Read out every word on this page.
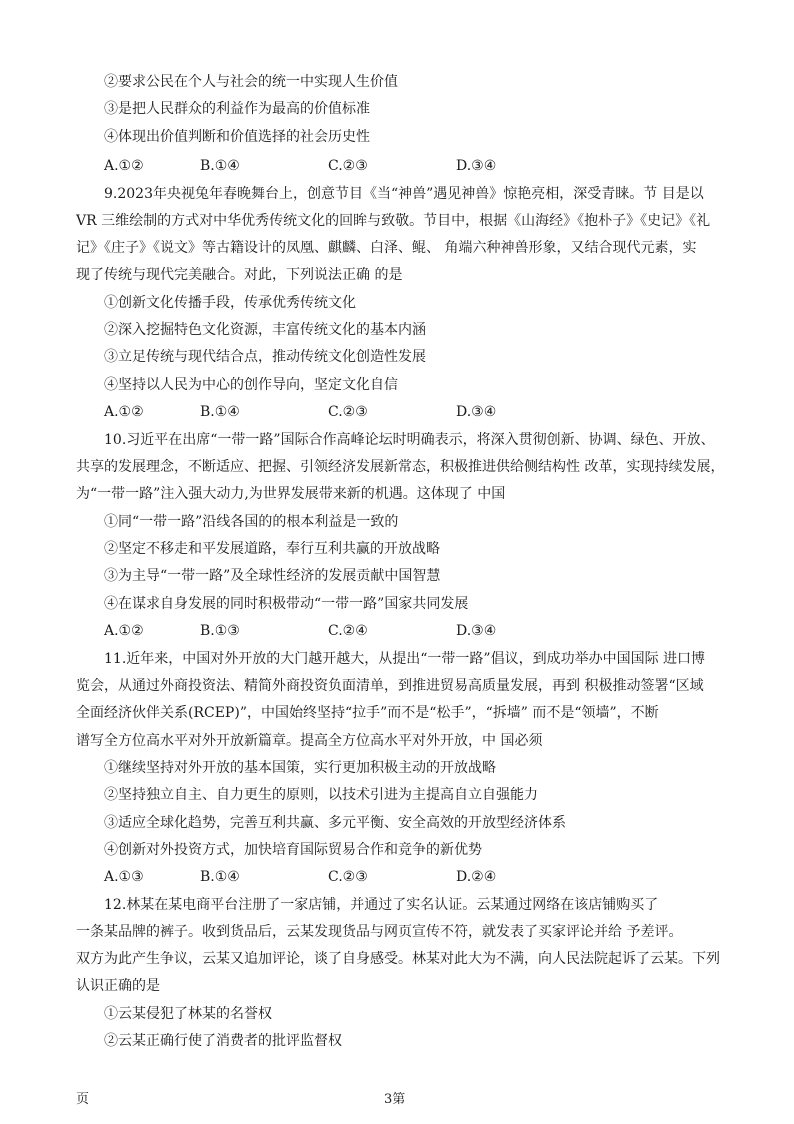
②要求公民在个人与社会的统一中实现人生价值
③是把人民群众的利益作为最高的价值标准
④体现出价值判断和价值选择的社会历史性
A.①②	B.①④	C.②③	D.③④
9.2023年央视兔年春晚舞台上，创意节目《当“神兽”遇见神兽》惊艳亮相，深受青睐。节 目是以
VR 三维绘制的方式对中华优秀传统文化的回眸与致敬。节目中，根据《山海经》《抱朴子》《史记》《礼
记》《庄子》《说文》等古籍设计的凤凰、麒麟、白泽、鲲、 角端六种神兽形象，又结合现代元素，实
现了传统与现代完美融合。对此，下列说法正确 的是
①创新文化传播手段，传承优秀传统文化
②深入挖掘特色文化资源，丰富传统文化的基本内涵
③立足传统与现代结合点，推动传统文化创造性发展
④坚持以人民为中心的创作导向，坚定文化自信
A.①②	B.①④	C.②③	D.③④
10.习近平在出席“一带一路”国际合作高峰论坛时明确表示，将深入贯彻创新、协调、绿色、开放、
共享的发展理念，不断适应、把握、引领经济发展新常态，积极推进供给侧结构性 改革，实现持续发展，
为“一带一路”注入强大动力,为世界发展带来新的机遇。这体现了 中国
①同“一带一路”沿线各国的的根本利益是一致的
②坚定不移走和平发展道路，奉行互利共赢的开放战略
③为主导“一带一路”及全球性经济的发展贡献中国智慧
④在谋求自身发展的同时积极带动“一带一路”国家共同发展
A.①②	B.①③	C.②④	D.③④
11.近年来，中国对外开放的大门越开越大，从提出“一带一路”倡议，到成功举办中国国际 进口博
览会，从通过外商投资法、精简外商投资负面清单，到推进贸易高质量发展，再到 积极推动签署“区域
全面经济伙伴关系(RCEP)”，中国始终坚持“拉手”而不是“松手”，“拆墙” 而不是“领墙”，不断
谱写全方位高水平对外开放新篇章。提高全方位高水平对外开放，中 国必须
①继续坚持对外开放的基本国策，实行更加积极主动的开放战略
②坚持独立自主、自力更生的原则，以技术引进为主提高自立自强能力
③适应全球化趋势，完善互利共赢、多元平衡、安全高效的开放型经济体系
④创新对外投资方式，加快培育国际贸易合作和竞争的新优势
A.①③	B.①④	C.②③	D.②④
12.林某在某电商平台注册了一家店铺，并通过了实名认证。云某通过网络在该店铺购买了
一条某品牌的裤子。收到货品后，云某发现货品与网页宣传不符，就发表了买家评论并给 予差评。
双方为此产生争议，云某又追加评论，谈了自身感受。林某对此大为不满，向人民法院起诉了云某。下列
认识正确的是
①云某侵犯了林某的名誉权
②云某正确行使了消费者的批评监督权
页	3第
